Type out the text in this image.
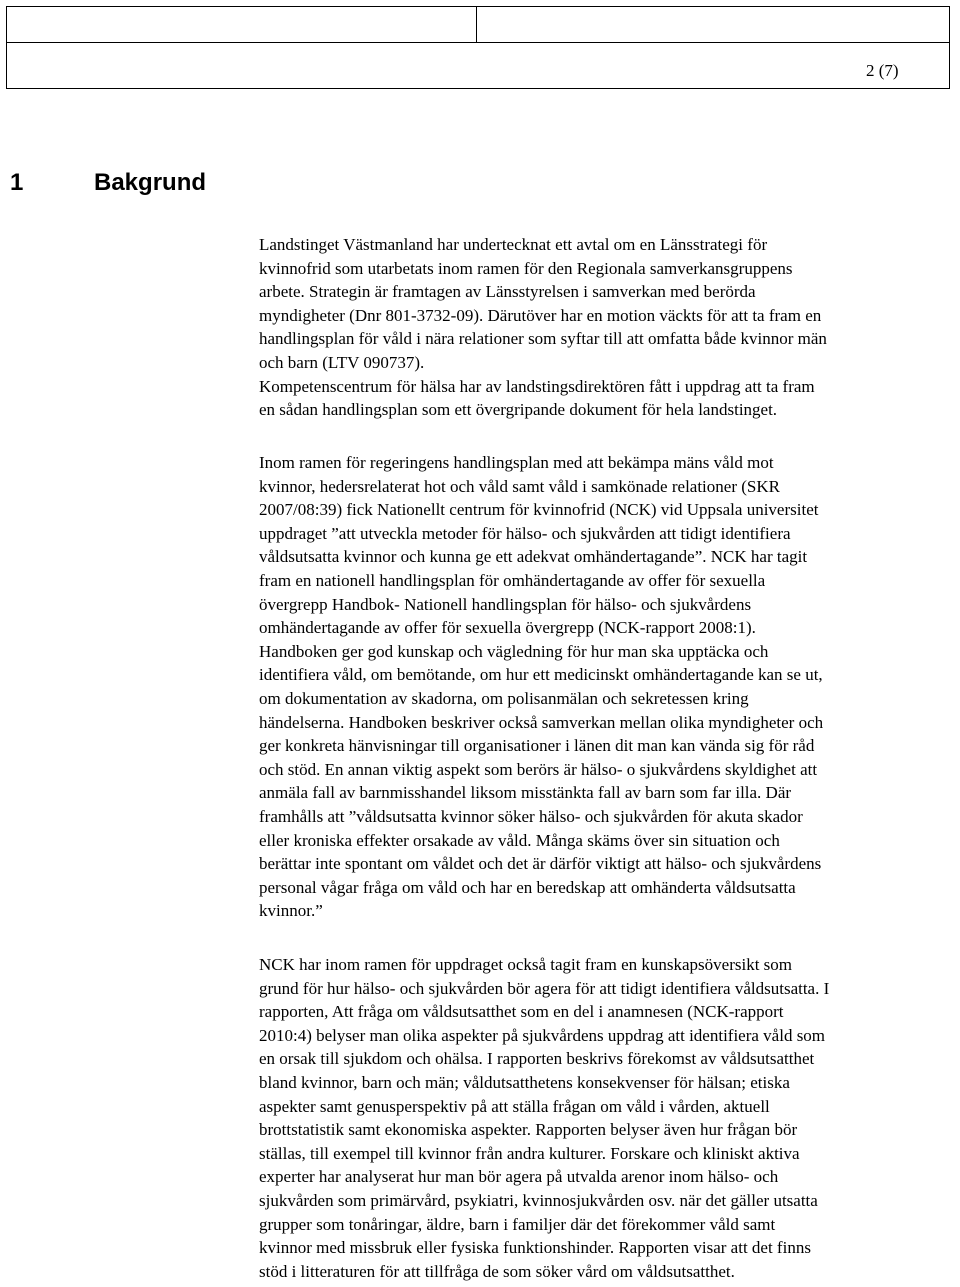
2 (7)
1	Bakgrund
Landstinget Västmanland har undertecknat ett avtal om en Länsstrategi för
kvinnofrid som utarbetats inom ramen för den Regionala samverkansgruppens
arbete. Strategin är framtagen av Länsstyrelsen i samverkan med berörda
myndigheter (Dnr 801-3732-09). Därutöver har en motion väckts för att ta fram en
handlingsplan för våld i nära relationer som syftar till att omfatta både kvinnor män
och barn (LTV 090737).
Kompetenscentrum för hälsa har av landstingsdirektören fått i uppdrag att ta fram
en sådan handlingsplan som ett övergripande dokument för hela landstinget.
Inom ramen för regeringens handlingsplan med att bekämpa mäns våld mot
kvinnor, hedersrelaterat hot och våld samt våld i samkönade relationer (SKR
2007/08:39) fick Nationellt centrum för kvinnofrid (NCK) vid Uppsala universitet
uppdraget ”att utveckla metoder för hälso- och sjukvården att tidigt identifiera
våldsutsatta kvinnor och kunna ge ett adekvat omhändertagande”. NCK har tagit
fram en nationell handlingsplan för omhändertagande av offer för sexuella
övergrepp Handbok- Nationell handlingsplan för hälso- och sjukvårdens
omhändertagande av offer för sexuella övergrepp (NCK-rapport 2008:1).
Handboken ger god kunskap och vägledning för hur man ska upptäcka och
identifiera våld, om bemötande, om hur ett medicinskt omhändertagande kan se ut,
om dokumentation av skadorna, om polisanmälan och sekretessen kring
händelserna. Handboken beskriver också samverkan mellan olika myndigheter och
ger konkreta hänvisningar till organisationer i länen dit man kan vända sig för råd
och stöd. En annan viktig aspekt som berörs är hälso- o sjukvårdens skyldighet att
anmäla fall av barnmisshandel liksom misstänkta fall av barn som far illa. Där
framhålls att ”våldsutsatta kvinnor söker hälso- och sjukvården för akuta skador
eller kroniska effekter orsakade av våld. Många skäms över sin situation och
berättar inte spontant om våldet och det är därför viktigt att hälso- och sjukvårdens
personal vågar fråga om våld och har en beredskap att omhänderta våldsutsatta
kvinnor.”
NCK har inom ramen för uppdraget också tagit fram en kunskapsöversikt som
grund för hur hälso- och sjukvården bör agera för att tidigt identifiera våldsutsatta. I
rapporten, Att fråga om våldsutsatthet som en del i anamnesen (NCK-rapport
2010:4) belyser man olika aspekter på sjukvårdens uppdrag att identifiera våld som
en orsak till sjukdom och ohälsa. I rapporten beskrivs förekomst av våldsutsatthet
bland kvinnor, barn och män; våldutsatthetens konsekvenser för hälsan; etiska
aspekter samt genusperspektiv på att ställa frågan om våld i vården, aktuell
brottstatistik samt ekonomiska aspekter. Rapporten belyser även hur frågan bör
ställas, till exempel till kvinnor från andra kulturer. Forskare och kliniskt aktiva
experter har analyserat hur man bör agera på utvalda arenor inom hälso- och
sjukvården som primärvård, psykiatri, kvinnosjukvården osv. när det gäller utsatta
grupper som tonåringar, äldre, barn i familjer där det förekommer våld samt
kvinnor med missbruk eller fysiska funktionshinder. Rapporten visar att det finns
stöd i litteraturen för att tillfråga de som söker vård om våldsutsatthet.
